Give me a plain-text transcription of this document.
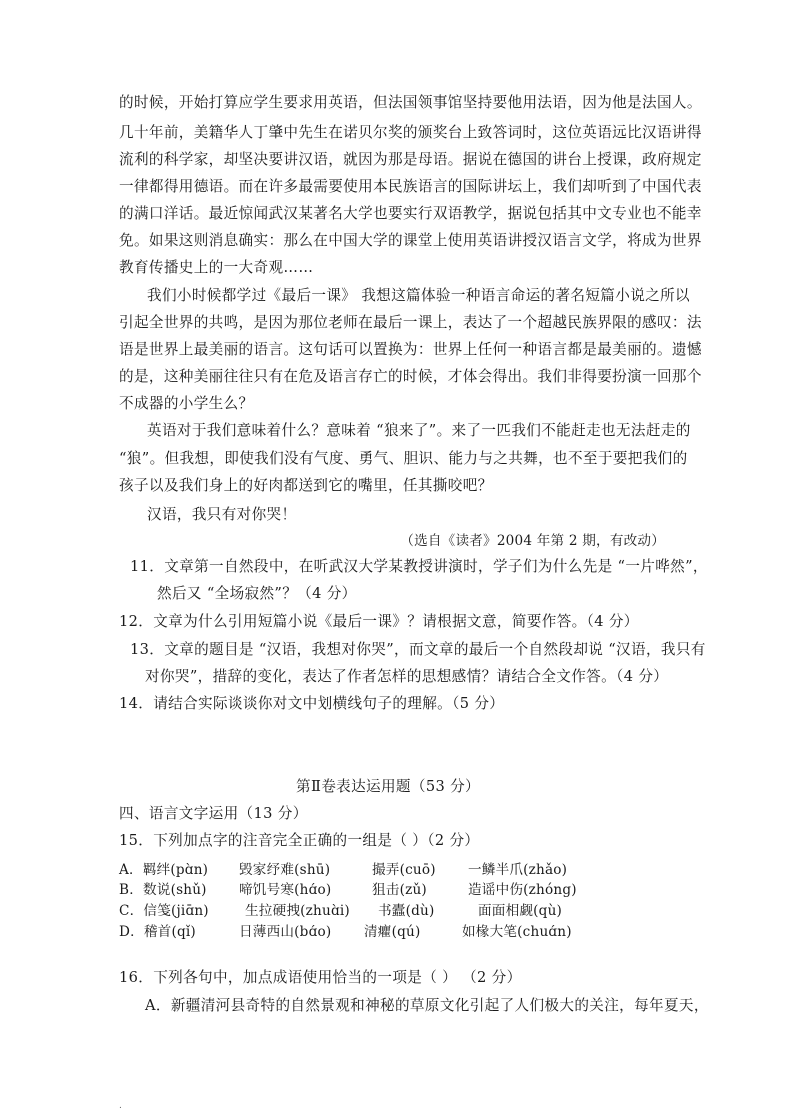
的时候，开始打算应学生要求用英语，但法国领事馆坚持要他用法语，因为他是法国人。
几十年前，美籍华人丁肇中先生在诺贝尔奖的颁奖台上致答词时，这位英语远比汉语讲得
流利的科学家，却坚决要讲汉语，就因为那是母语。据说在德国的讲台上授课，政府规定
一律都得用德语。而在许多最需要使用本民族语言的国际讲坛上，我们却听到了中国代表
的满口洋话。最近惊闻武汉某著名大学也要实行双语教学，据说包括其中文专业也不能幸
免。如果这则消息确实：那么在中国大学的课堂上使用英语讲授汉语言文学，将成为世界
教育传播史上的一大奇观……
我们小时候都学过《最后一课》 我想这篇体验一种语言命运的著名短篇小说之所以
引起全世界的共鸣，是因为那位老师在最后一课上，表达了一个超越民族界限的感叹：法
语是世界上最美丽的语言。这句话可以置换为：世界上任何一种语言都是最美丽的。遗憾
的是，这种美丽往往只有在危及语言存亡的时候，才体会得出。我们非得要扮演一回那个
不成器的小学生么？
英语对于我们意味着什么？意味着 “狼来了”。来了一匹我们不能赶走也无法赶走的
“狼”。但我想，即使我们没有气度、勇气、胆识、能力与之共舞，也不至于要把我们的
孩子以及我们身上的好肉都送到它的嘴里，任其撕咬吧？
汉语，我只有对你哭！
（选自《读者》2004 年第 2 期，有改动）
11．文章第一自然段中，在听武汉大学某教授讲演时，学子们为什么先是 “一片哗然”，
然后又 “全场寂然”？（4 分）
12．文章为什么引用短篇小说《最后一课》？请根据文意，简要作答。（4 分）
13．文章的题目是 “汉语，我想对你哭”，而文章的最后一个自然段却说 “汉语，我只有
对你哭”，措辞的变化，表达了作者怎样的思想感情？请结合全文作答。（4 分）
14．请结合实际谈谈你对文中划横线句子的理解。（5 分）
第Ⅱ卷表达运用题（53 分）
四、语言文字运用（13 分）
15．下列加点字的注音完全正确的一组是（ ）（2 分）
A．羁绊(pɑ̀n) 毁家纾难(shū)	撮弄(cuō) 一鳞半爪(zhǎo)
B．数说(shǔ) 啼饥号寒(hɑ́o)	狙击(zǔ)	造谣中伤(zhóng)
C．信笺(jiɑ̄n)	生拉硬拽(zhuɑ̀i) 书蠹(dù)	面面相觑(qù)
D．稽首(qǐ)	日薄西山(bɑ́o) 清癯(qú)	如椽大笔(chuɑ́n)
16．下列各句中，加点成语使用恰当的一项是（ ） （2 分）
A．新疆清河县奇特的自然景观和神秘的草原文化引起了人们极大的关注，每年夏天，
.
